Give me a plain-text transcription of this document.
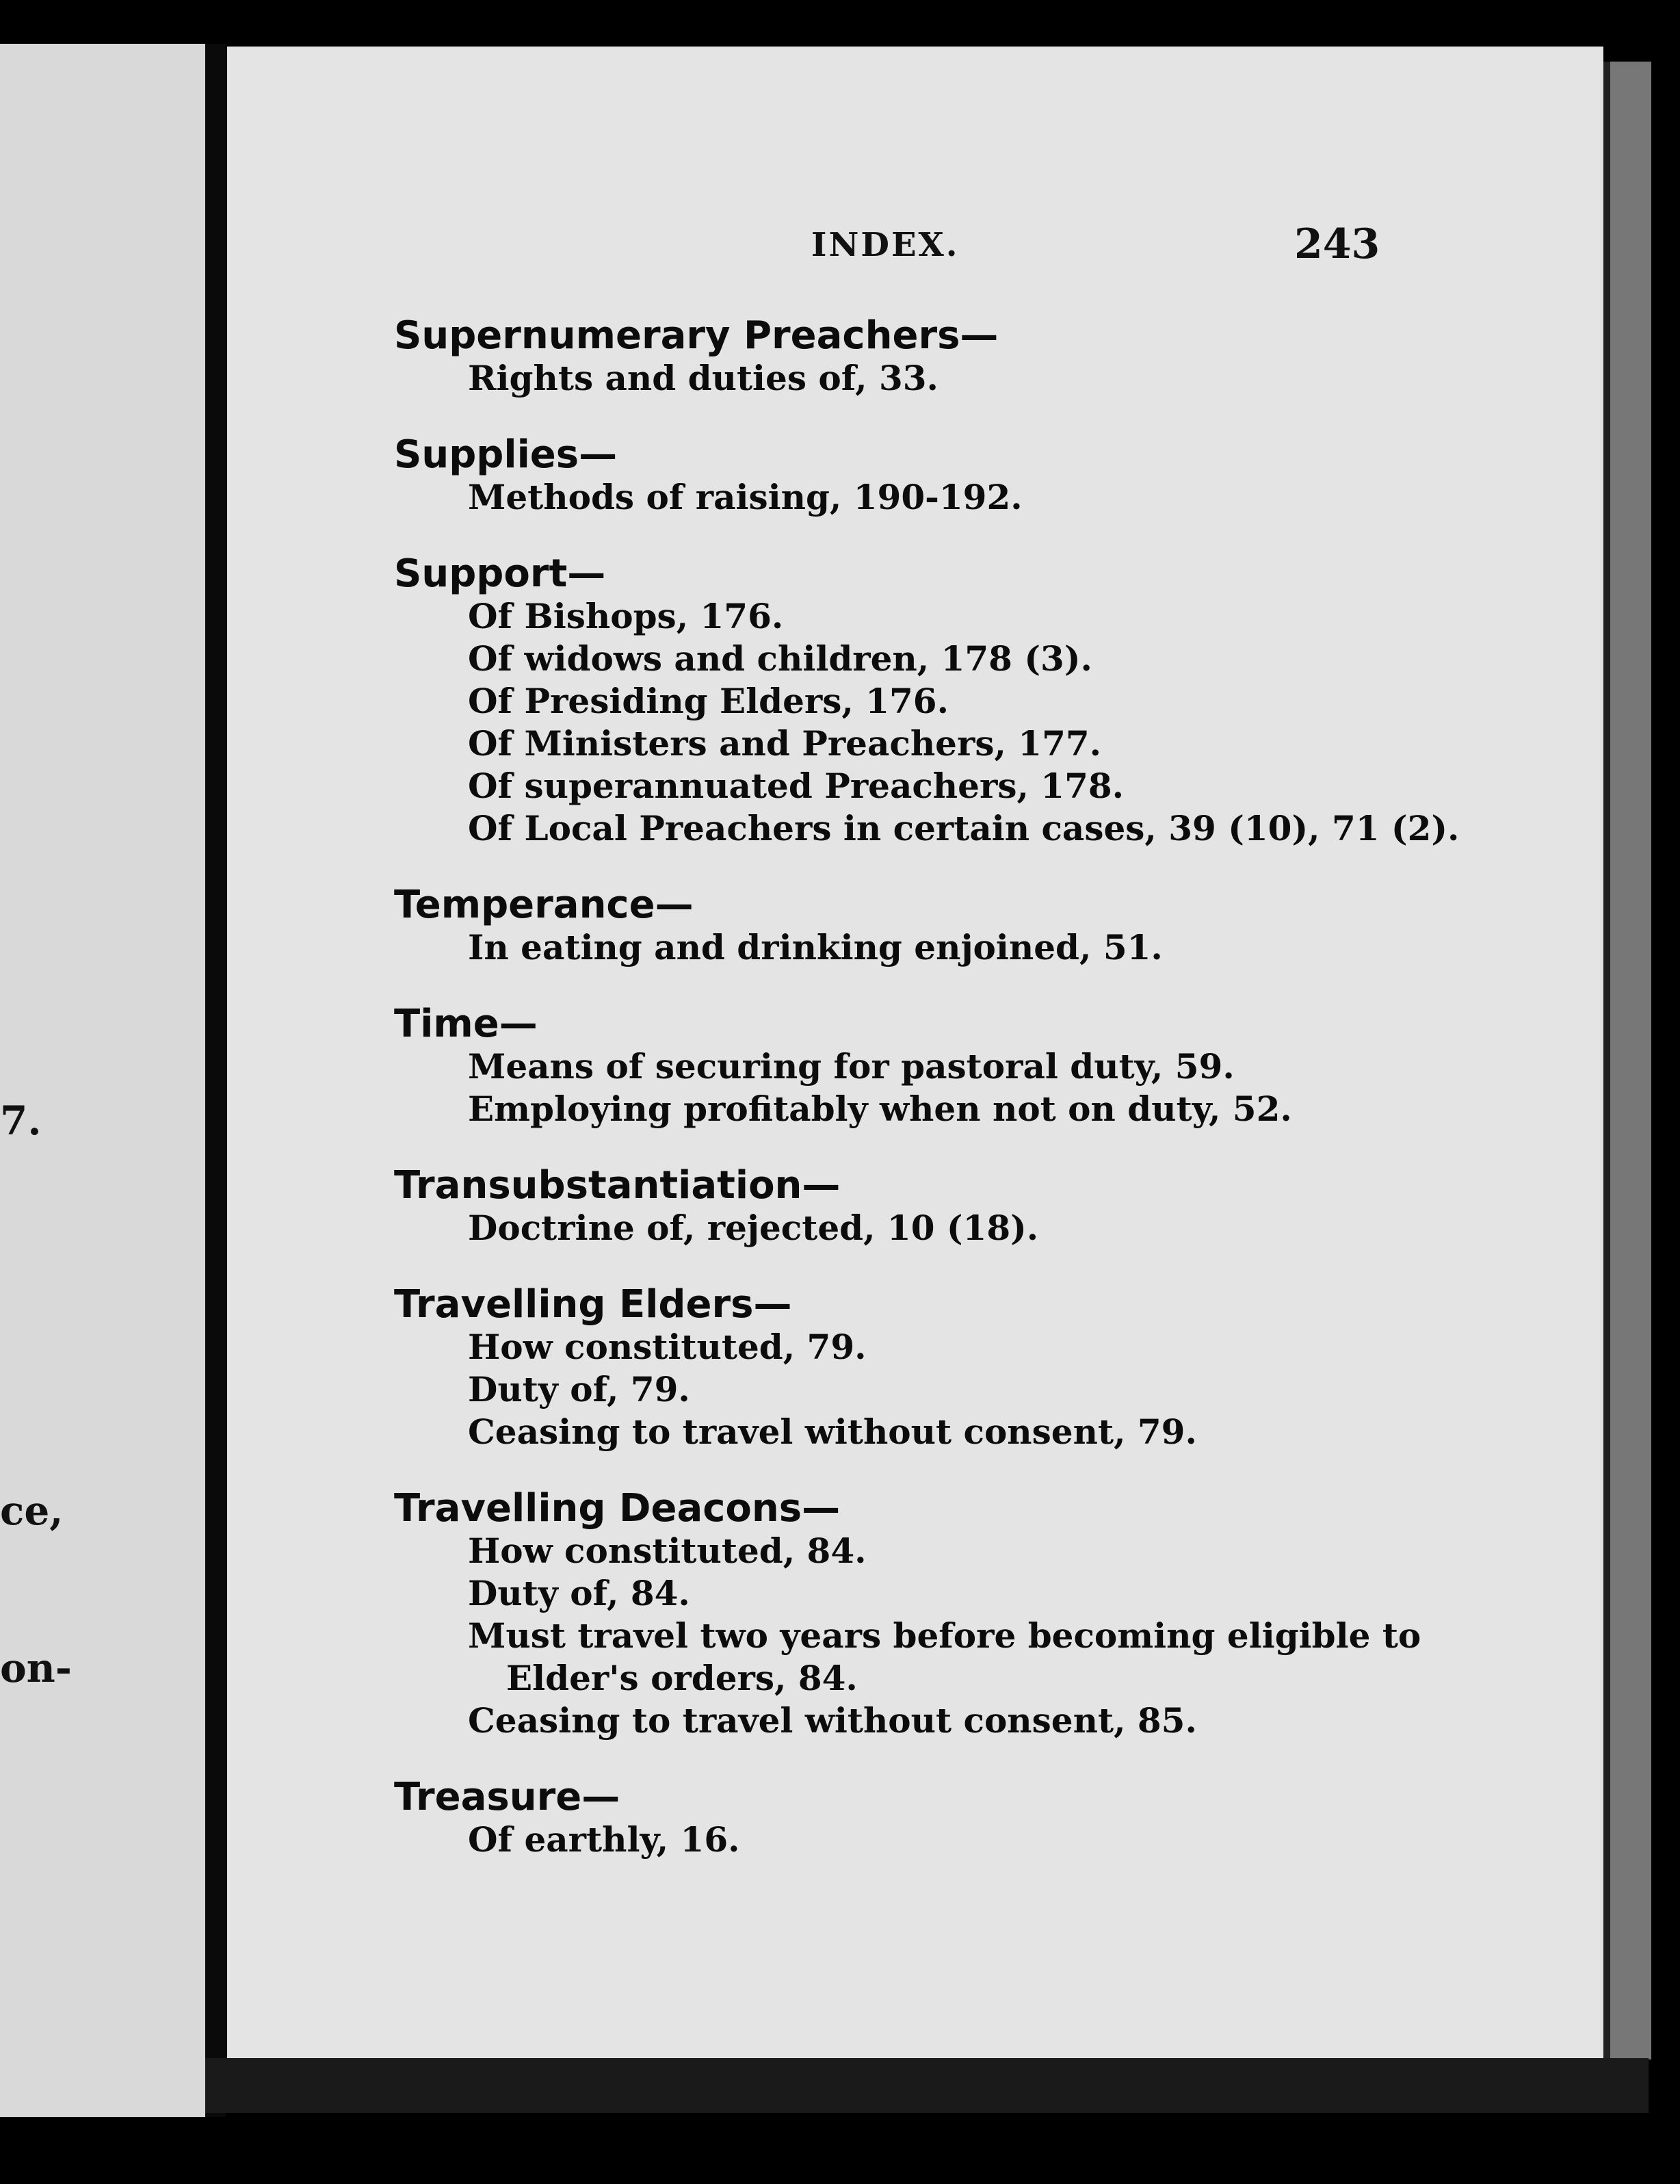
7.
ce,
on-
INDEX.	243
Supernumerary Preachers—
Rights and duties of, 33.
Supplies—
Methods of raising, 190-192.
Support—
Of Bishops, 176.
Of widows and children, 178 (3).
Of Presiding Elders, 176.
Of Ministers and Preachers, 177.
Of superannuated Preachers, 178.
Of Local Preachers in certain cases, 39 (10), 71 (2).
Temperance—
In eating and drinking enjoined, 51.
Time—
Means of securing for pastoral duty, 59.
Employing profitably when not on duty, 52.
Transubstantiation—
Doctrine of, rejected, 10 (18).
Travelling Elders—
How constituted, 79.
Duty of, 79.
Ceasing to travel without consent, 79.
Travelling Deacons—
How constituted, 84.
Duty of, 84.
Must travel two years before becoming eligible to
Elder's orders, 84.
Ceasing to travel without consent, 85.
Treasure—
Of earthly, 16.
